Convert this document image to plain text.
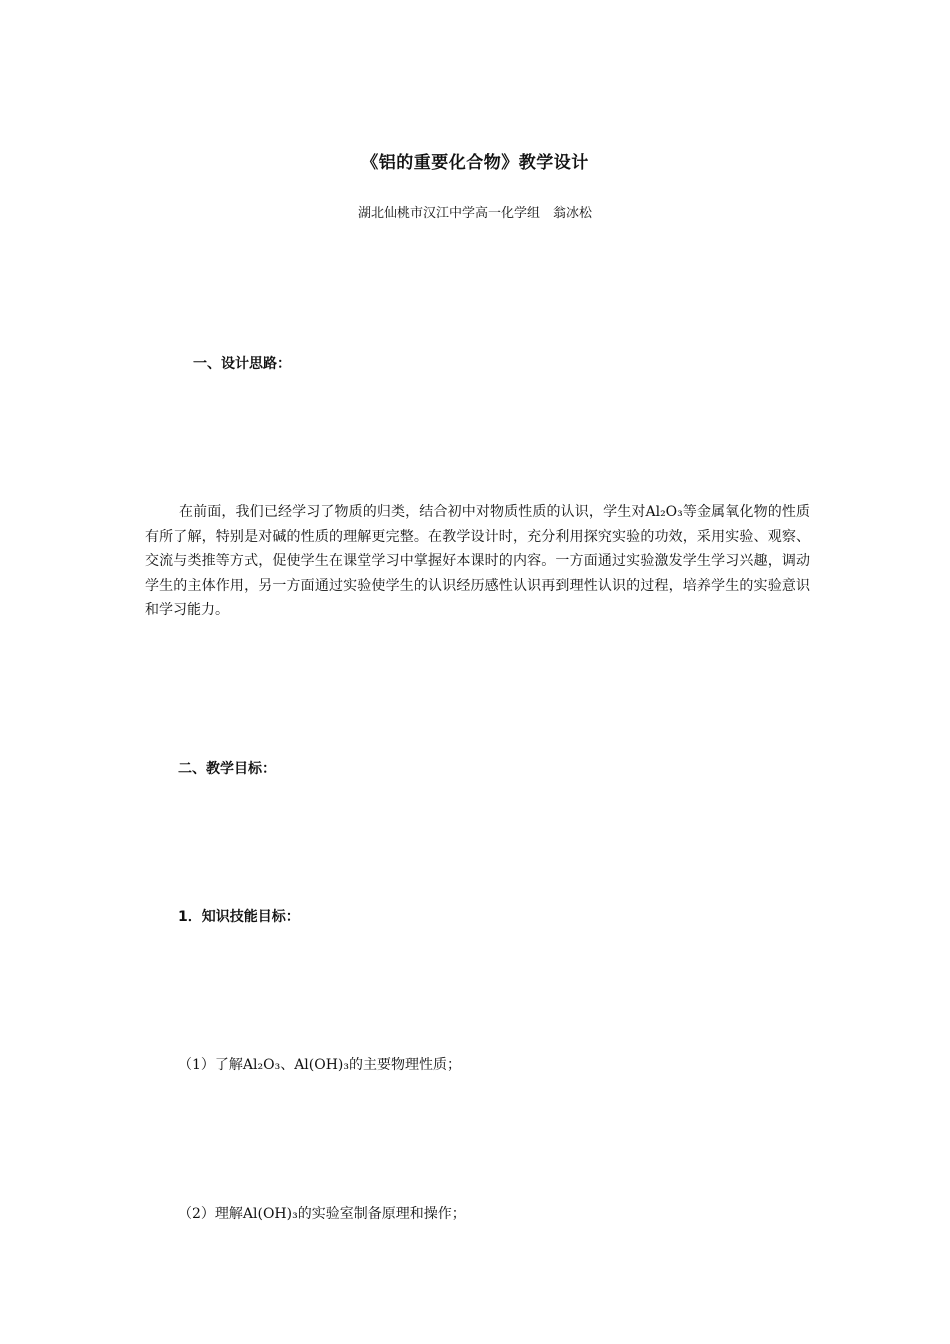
《铝的重要化合物》教学设计
湖北仙桃市汉江中学高一化学组　翁冰松
一、设计思路：
在前面，我们已经学习了物质的归类，结合初中对物质性质的认识，学生对Al₂O₃等金属氧化物的性质有所了解，特别是对碱的性质的理解更完整。在教学设计时，充分利用探究实验的功效，采用实验、观察、交流与类推等方式，促使学生在课堂学习中掌握好本课时的内容。一方面通过实验激发学生学习兴趣，调动学生的主体作用，另一方面通过实验使学生的认识经历感性认识再到理性认识的过程，培养学生的实验意识和学习能力。
二、教学目标：
1．知识技能目标：
（1）了解Al₂O₃、Al(OH)₃的主要物理性质；
（2）理解Al(OH)₃的实验室制备原理和操作；
